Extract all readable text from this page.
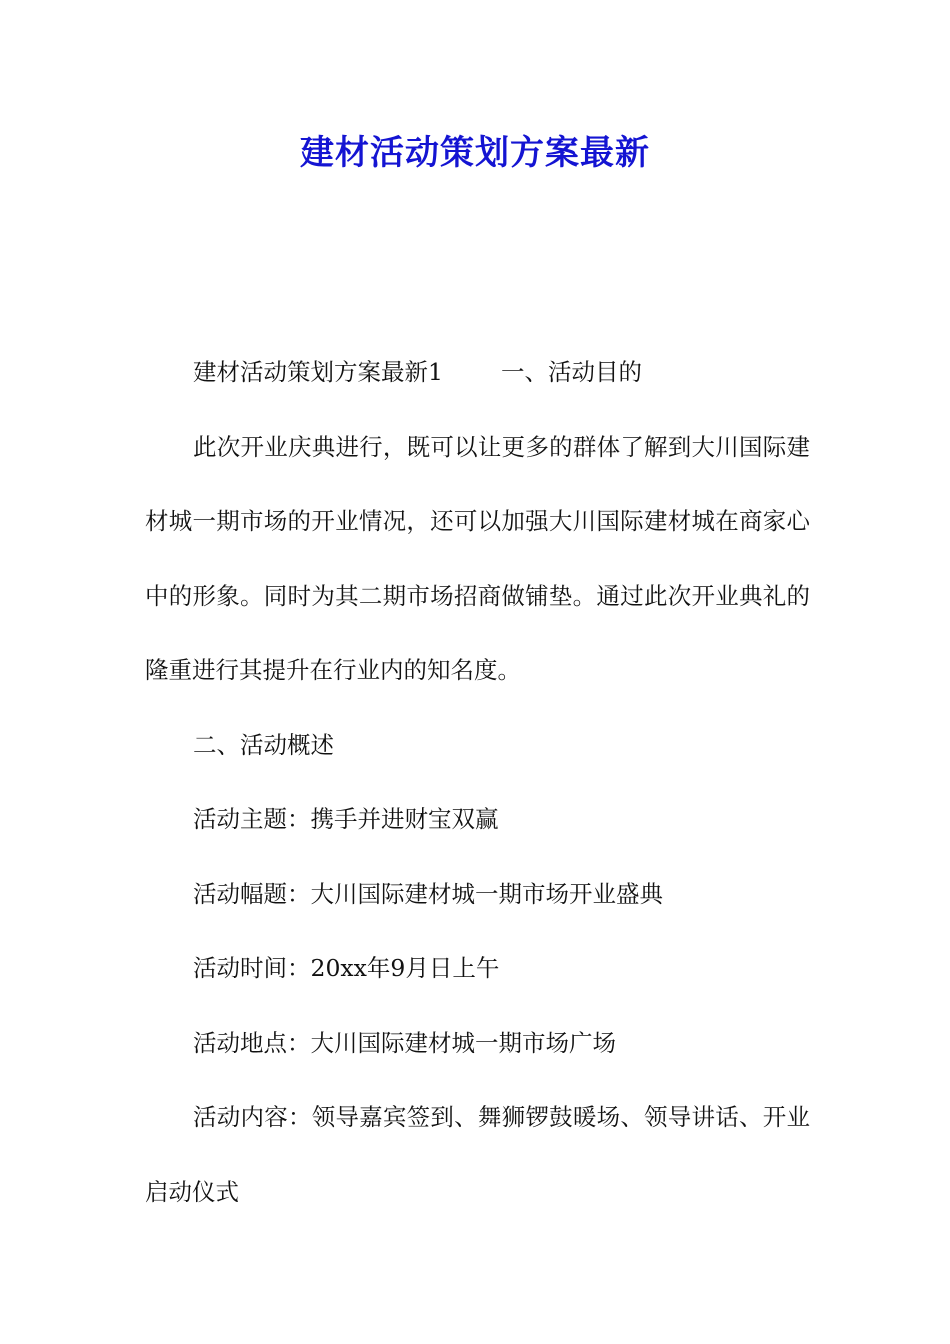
建材活动策划方案最新

建材活动策划方案最新1 一、活动目的

此次开业庆典进行，既可以让更多的群体了解到大川国际建材城一期市场的开业情况，还可以加强大川国际建材城在商家心中的形象。同时为其二期市场招商做铺垫。通过此次开业典礼的隆重进行其提升在行业内的知名度。

二、活动概述

活动主题：携手并进财宝双赢

活动幅题：大川国际建材城一期市场开业盛典

活动时间：20xx年9月日上午

活动地点：大川国际建材城一期市场广场

活动内容：领导嘉宾签到、舞狮锣鼓暖场、领导讲话、开业启动仪式
